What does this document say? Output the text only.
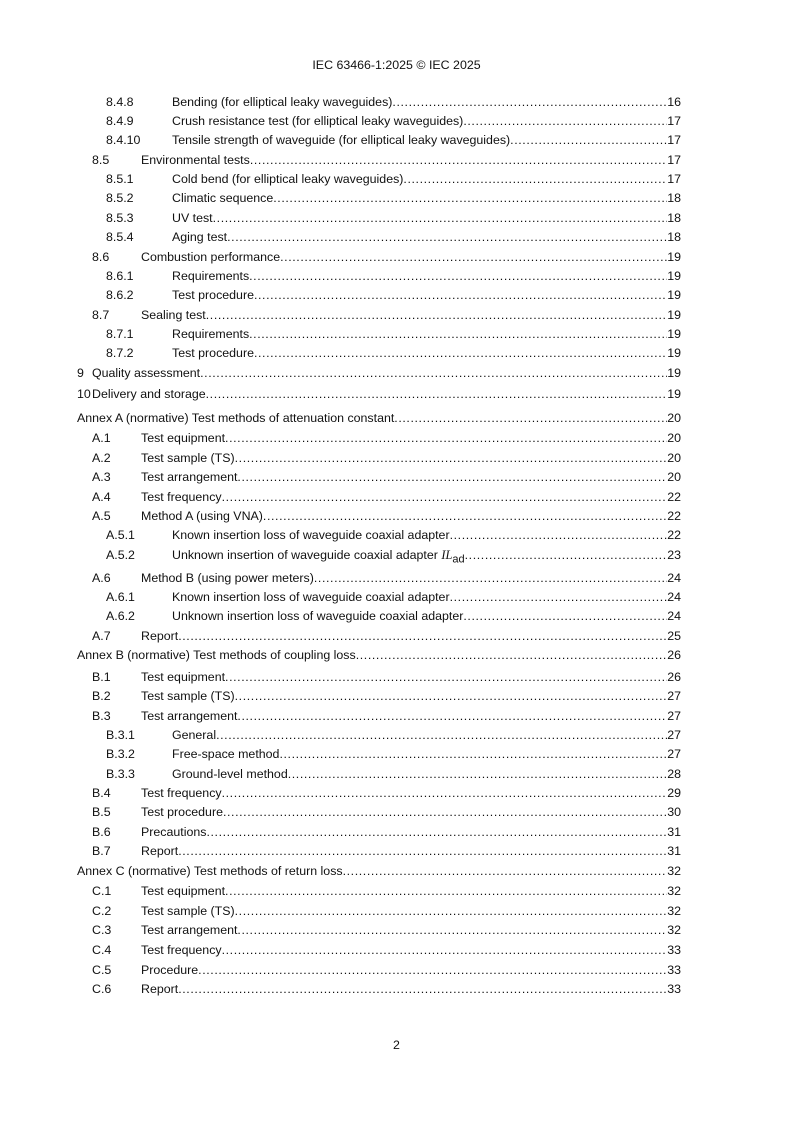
IEC 63466-1:2025 © IEC 2025
8.4.8	Bending (for elliptical leaky waveguides) .....	16
8.4.9	Crush resistance test (for elliptical leaky waveguides) .....	17
8.4.10	Tensile strength of waveguide (for elliptical leaky waveguides) .....	17
8.5	Environmental tests .....	17
8.5.1	Cold bend (for elliptical leaky waveguides) .....	17
8.5.2	Climatic sequence .....	18
8.5.3	UV test .....	18
8.5.4	Aging test .....	18
8.6	Combustion performance .....	19
8.6.1	Requirements .....	19
8.6.2	Test procedure .....	19
8.7	Sealing test .....	19
8.7.1	Requirements .....	19
8.7.2	Test procedure .....	19
9 Quality assessment .....	19
10 Delivery and storage .....	19
Annex A (normative) Test methods of attenuation constant .....	20
A.1 Test equipment .....	20
A.2 Test sample (TS) .....	20
A.3 Test arrangement .....	20
A.4 Test frequency .....	22
A.5 Method A (using VNA) .....	22
A.5.1	Known insertion loss of waveguide coaxial adapter .....	22
A.5.2	Unknown insertion of waveguide coaxial adapter $IL_{ad}$ .....	23
A.6 Method B (using power meters) .....	24
A.6.1	Known insertion loss of waveguide coaxial adapter .....	24
A.6.2	Unknown insertion loss of waveguide coaxial adapter .....	24
A.7 Report .....	25
Annex B (normative) Test methods of coupling loss .....	26
B.1 Test equipment .....	26
B.2 Test sample (TS) .....	27
B.3 Test arrangement .....	27
B.3.1	General .....	27
B.3.2	Free-space method .....	27
B.3.3	Ground-level method .....	28
B.4 Test frequency .....	29
B.5 Test procedure .....	30
B.6 Precautions .....	31
B.7 Report .....	31
Annex C (normative) Test methods of return loss .....	32
C.1 Test equipment .....	32
C.2 Test sample (TS) .....	32
C.3 Test arrangement .....	32
C.4 Test frequency .....	33
C.5 Procedure .....	33
C.6 Report .....	33
2
